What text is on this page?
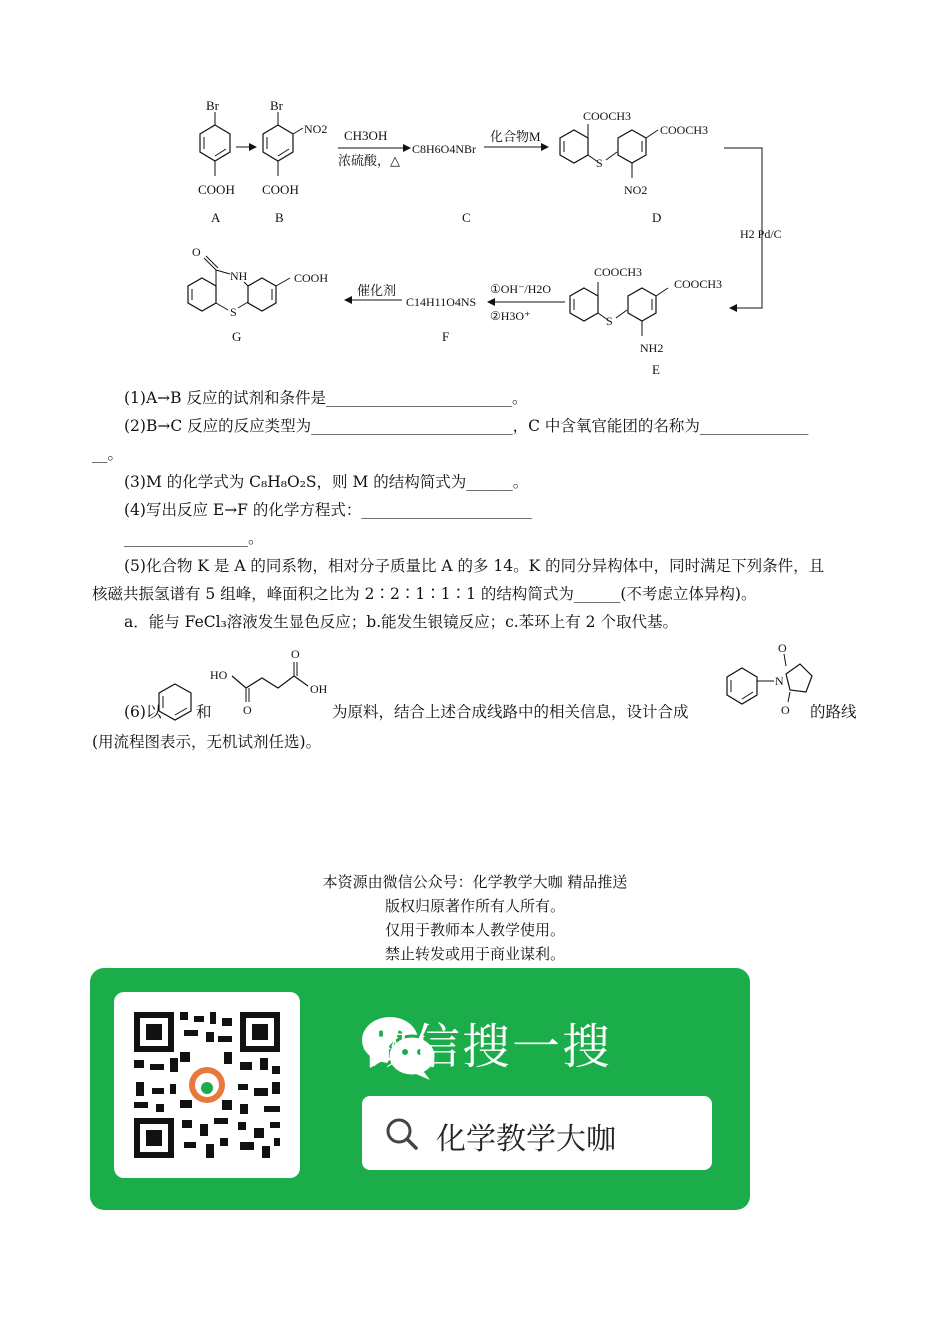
Br
COOH
A
Br
NO2
COOH
B
CH3OH
浓硫酸，△
C8H6O4NBr
C
化合物M
S
COOCH3
COOCH3
NO2
D
H2 Pd/C
S
COOCH3
COOCH3
NH2
E
①OH⁻/H2O
②H3O⁺
C14H11O4NS
F
催化剂
O
NH
S
COOH
G
(1)A→B 反应的试剂和条件是________________________。
(2)B→C 反应的反应类型为__________________________，C 中含氧官能团的名称为______________
__。
(3)M 的化学式为 C₈H₈O₂S，则 M 的结构简式为______。
(4)写出反应 E→F 的化学方程式：______________________
________________。
(5)化合物 K 是 A 的同系物，相对分子质量比 A 的多 14。K 的同分异构体中，同时满足下列条件，且
核磁共振氢谱有 5 组峰，峰面积之比为 2∶2∶1∶1∶1 的结构简式为______(不考虑立体异构)。
a．能与 FeCl₃溶液发生显色反应；b.能发生银镜反应；c.苯环上有 2 个取代基。
(6)以 和	为原料，结合上述合成线路中的相关信息，设计合成	的路线
(用流程图表示，无机试剂任选)。
HO
O
O
OH
N
O
O
本资源由微信公众号：化学教学大咖 精品推送
版权归原著作所有人所有。
仅用于教师本人教学使用。
禁止转发或用于商业谋利。
化学教学大咖
微信搜一搜
